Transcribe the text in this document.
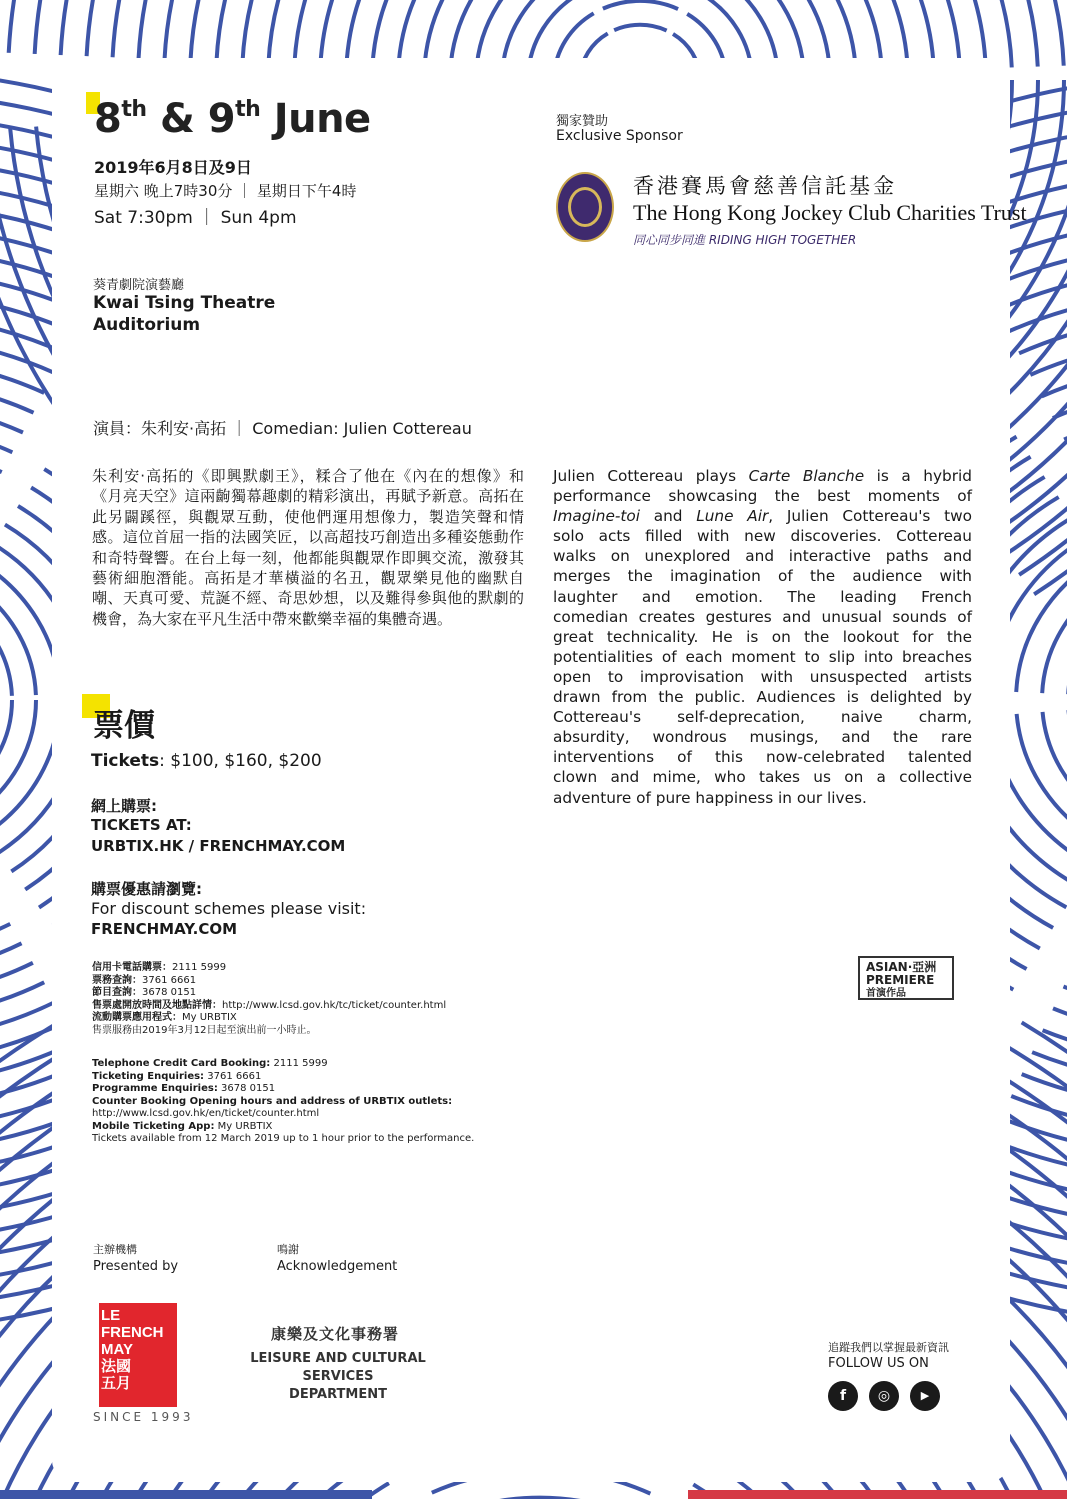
8th & 9th June
2019年6月8日及9日
星期六 晚上7時30分 ｜ 星期日下午4時
Sat 7:30pm ｜ Sun 4pm
葵青劇院演藝廳
Kwai Tsing Theatre
Auditorium
獨家贊助
Exclusive Sponsor
香港賽馬會慈善信託基金
The Hong Kong Jockey Club Charities Trust
同心同步同進 RIDING HIGH TOGETHER
演員：朱利安·高拓 ｜ Comedian: Julien Cottereau
朱利安·高拓的《即興默劇王》，糅合了他在《內在的想像》和《月亮天空》這兩齣獨幕趣劇的精彩演出，再賦予新意。高拓在此另闢蹊徑，與觀眾互動，使他們運用想像力，製造笑聲和情感。這位首屈一指的法國笑匠，以高超技巧創造出多種姿態動作和奇特聲響。在台上每一刻，他都能與觀眾作即興交流，激發其藝術細胞潛能。高拓是才華橫溢的名丑，觀眾樂見他的幽默自嘲、天真可愛、荒誕不經、奇思妙想，以及難得參與他的默劇的機會，為大家在平凡生活中帶來歡樂幸福的集體奇遇。
Julien Cottereau plays Carte Blanche is a hybrid
performance showcasing the best moments of
Imagine-toi and Lune Air, Julien Cottereau's two
solo acts filled with new discoveries. Cottereau
walks on unexplored and interactive paths and
merges the imagination of the audience with
laughter and emotion. The leading French
comedian creates gestures and unusual sounds of
great technicality. He is on the lookout for the
potentialities of each moment to slip into breaches
open to improvisation with unsuspected artists
drawn from the public. Audiences is delighted by
Cottereau's self-deprecation, naive charm,
absurdity, wondrous musings, and the rare
interventions of this now-celebrated talented
clown and mime, who takes us on a collective
adventure of pure happiness in our lives.
票價
Tickets: $100, $160, $200
網上購票:
TICKETS AT:
URBTIX.HK / FRENCHMAY.COM
購票優惠請瀏覽:
For discount schemes please visit:
FRENCHMAY.COM
信用卡電話購票：2111 5999
票務查詢：3761 6661
節目查詢：3678 0151
售票處開放時間及地點詳情：http://www.lcsd.gov.hk/tc/ticket/counter.html
流動購票應用程式：My URBTIX
售票服務由2019年3月12日起至演出前一小時止。
Telephone Credit Card Booking: 2111 5999
Ticketing Enquiries: 3761 6661
Programme Enquiries: 3678 0151
Counter Booking Opening hours and address of URBTIX outlets:
http://www.lcsd.gov.hk/en/ticket/counter.html
Mobile Ticketing App: My URBTIX
Tickets available from 12 March 2019 up to 1 hour prior to the performance.
ASIAN·亞洲
PREMIERE
首演作品
主辦機構
Presented by
鳴謝
Acknowledgement
LE
FRENCH
MAY
法國
五月
SINCE 1993
康樂及文化事務署
LEISURE AND CULTURAL SERVICES
DEPARTMENT
追蹤我們以掌握最新資訊
FOLLOW US ON
f	◎	▶
